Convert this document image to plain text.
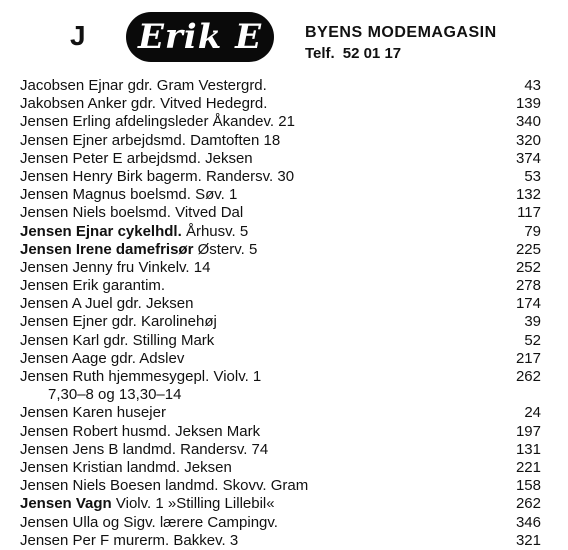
J	Erik E	BYENS MODEMAGASIN
Telf. 52 01 17
Jacobsen Ejnar gdr. Gram Vestergrd.	43
Jakobsen Anker gdr. Vitved Hedegrd.	139
Jensen Erling afdelingsleder Åkandev. 21	340
Jensen Ejner arbejdsmd. Damtoften 18	320
Jensen Peter E arbejdsmd. Jeksen	374
Jensen Henry Birk bagerm. Randersv. 30	53
Jensen Magnus boelsmd. Søv. 1	132
Jensen Niels boelsmd. Vitved Dal	117
Jensen Ejnar cykelhdl. Århusv. 5	79
Jensen Irene damefrisør Østerv. 5	225
Jensen Jenny fru Vinkelv. 14	252
Jensen Erik garantim.	278
Jensen A Juel gdr. Jeksen	174
Jensen Ejner gdr. Karolinehøj	39
Jensen Karl gdr. Stilling Mark	52
Jensen Aage gdr. Adslev	217
Jensen Ruth hjemmesygepl. Violv. 1	262
7,30–8 og 13,30–14
Jensen Karen husejer	24
Jensen Robert husmd. Jeksen Mark	197
Jensen Jens B landmd. Randersv. 74	131
Jensen Kristian landmd. Jeksen	221
Jensen Niels Boesen landmd. Skovv. Gram	158
Jensen Vagn Violv. 1 »Stilling Lillebil«	262
Jensen Ulla og Sigv. lærere Campingv.	346
Jensen Per F murerm. Bakkev. 3	321
